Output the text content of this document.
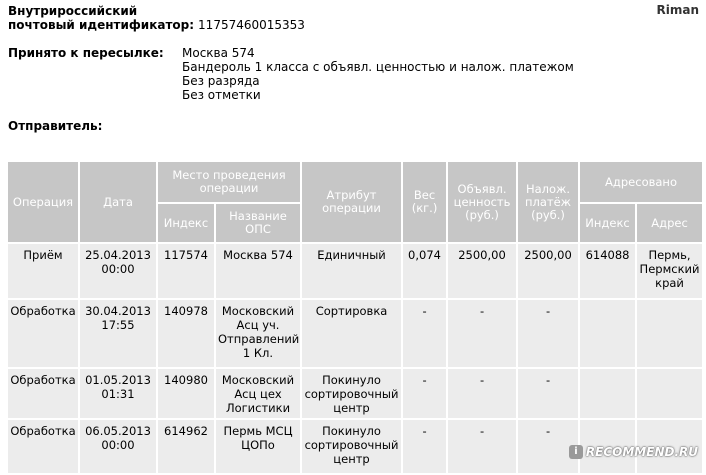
Внутрироссийский
почтовый идентификатор: 11757460015353
Riman
Принято к пересылке: Москва 574
Бандероль 1 класса с объявл. ценностью и налож. платежом
Без разряда
Без отметки
Отправитель:
Операция	Дата	Место проведения операции		Атрибут операции	Вес (кг.)	Объявл. ценность (руб.)	Налож. платёж (руб.)	Адресовано	
		Индекс	Название ОПС					Индекс	Адрес
Приём	25.04.2013 00:00	117574	Москва 574	Единичный	0,074	2500,00	2500,00	614088	Пермь, Пермский край
Обработка	30.04.2013 17:55	140978	Московский Асц уч. Отправлений 1 Кл.	Сортировка	-	-	-		
Обработка	01.05.2013 01:31	140980	Московский Асц цех Логистики	Покинуло сортировочный центр	-	-	-		
Обработка	06.05.2013 00:00	614962	Пермь МСЦ ЦОПо	Покинуло сортировочный центр	-	-	-		
i RECOMMEND.RU
